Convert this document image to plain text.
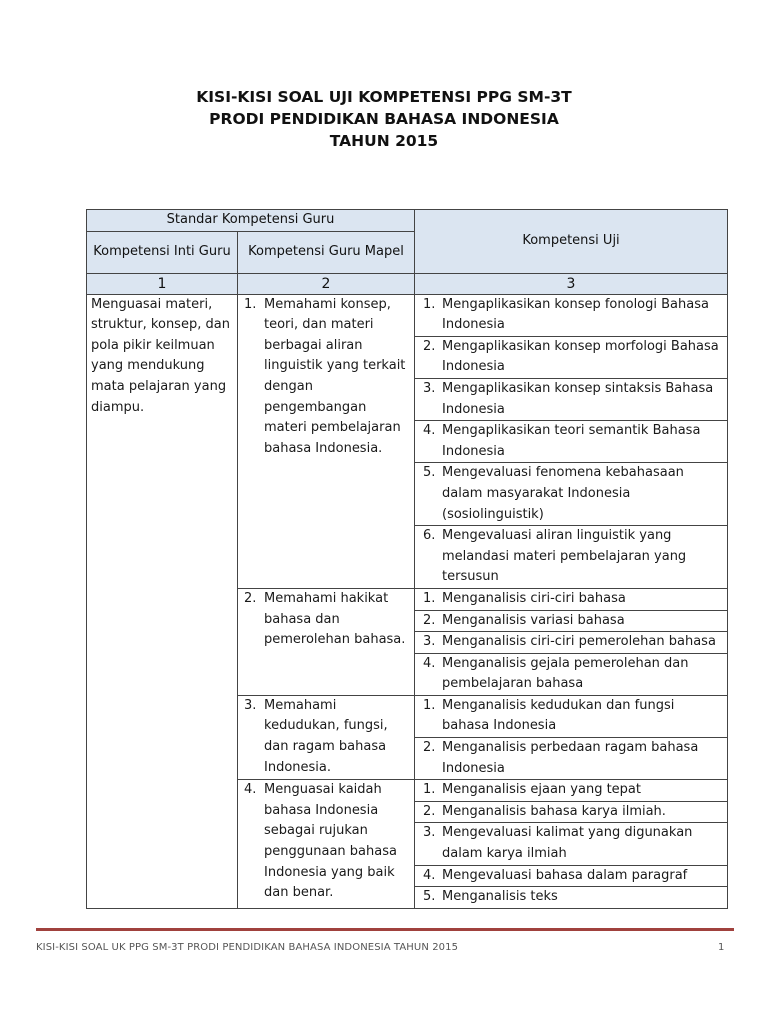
KISI-KISI SOAL UJI KOMPETENSI PPG SM-3T
PRODI PENDIDIKAN BAHASA INDONESIA
TAHUN 2015
Standar Kompetensi Guru		Kompetensi Uji
Kompetensi Inti Guru	Kompetensi Guru Mapel	
1	2	3
Menguasai materi, struktur, konsep, dan pola pikir keilmuan yang mendukung mata pelajaran yang diampu.	1. Memahami konsep, teori, dan materi berbagai aliran linguistik yang terkait dengan pengembangan materi pembelajaran bahasa Indonesia.	1. Mengaplikasikan konsep fonologi Bahasa Indonesia

		2. Mengaplikasikan konsep morfologi Bahasa Indonesia

		3. Mengaplikasikan konsep sintaksis Bahasa Indonesia

		4. Mengaplikasikan teori semantik Bahasa Indonesia

		5. Mengevaluasi fenomena kebahasaan dalam masyarakat Indonesia (sosiolinguistik)

		6. Mengevaluasi aliran linguistik yang melandasi materi pembelajaran yang tersusun

	2. Memahami hakikat bahasa dan pemerolehan bahasa.	1. Menganalisis ciri-ciri bahasa

		2. Menganalisis variasi bahasa

		3. Menganalisis ciri-ciri pemerolehan bahasa

		4. Menganalisis gejala pemerolehan dan pembelajaran bahasa

	3. Memahami kedudukan, fungsi, dan ragam bahasa Indonesia.	1. Menganalisis kedudukan dan fungsi bahasa Indonesia

		2. Menganalisis perbedaan ragam bahasa Indonesia

	4. Menguasai kaidah bahasa Indonesia sebagai rujukan penggunaan bahasa Indonesia yang baik dan benar.	1. Menganalisis ejaan yang tepat

		2. Menganalisis bahasa karya ilmiah.

		3. Mengevaluasi kalimat yang digunakan dalam karya ilmiah

		4. Mengevaluasi bahasa dalam paragraf

		5. Menganalisis teks
KISI-KISI SOAL UK PPG SM-3T PRODI PENDIDIKAN BAHASA INDONESIA TAHUN 2015	1
